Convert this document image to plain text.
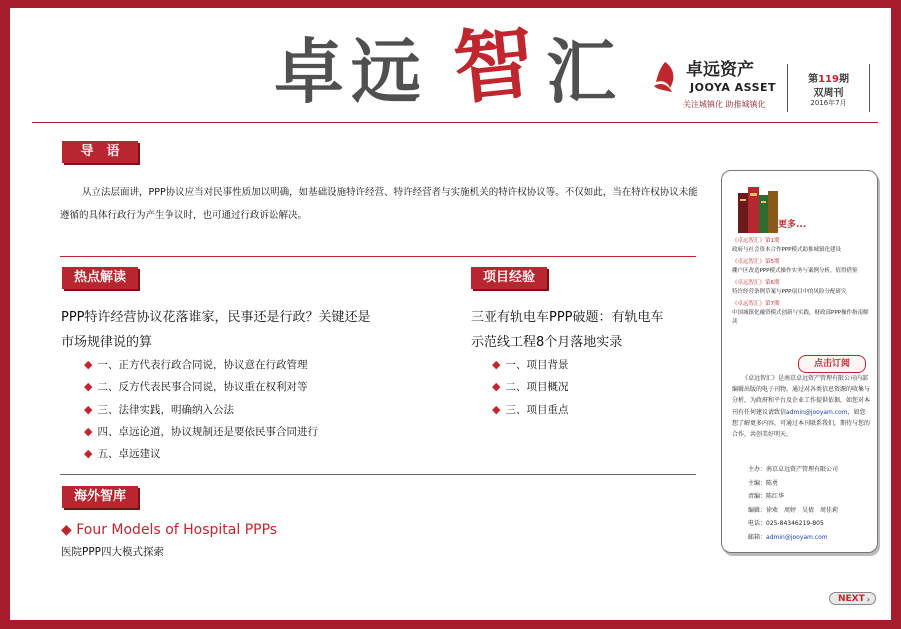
卓 远 智 汇	卓远资产
JOOYA ASSET
关注城镇化 助推城镇化
第119期
双周刊
2016年7月
导　语
从立法层面讲，PPP协议应当对民事性质加以明确，如基础设施特许经营、特许经营者与实施机关的特许权协议等。不仅如此，当在特许权协议未能遵循的具体行政行为产生争议时，也可通过行政诉讼解决。
热点解读
PPP特许经营协议花落谁家，民事还是行政？关键还是
市场规律说的算
◆ 一、正方代表行政合同说，协议意在行政管理
◆ 二、反方代表民事合同说，协议重在权利对等
◆ 三、法律实践，明确纳入公法
◆ 四、卓远论道，协议规制还是要依民事合同进行
◆ 五、卓远建议
项目经验
三亚有轨电车PPP破题：有轨电车
示范线工程8个月落地实录
◆ 一、项目背景
◆ 二、项目概况
◆ 三、项目重点
海外智库
◆ Four Models of Hospital PPPs
医院PPP四大模式探索
更多...
《卓远智汇》第1期
政府与社会资本合作PPP模式助推城镇化建设
《卓远智汇》第5期
棚户区改造PPP模式操作实务与案例分析，值得借鉴
《卓远智汇》第6期
特许经营条例草案与PPP项目中的风险分配研究
《卓远智汇》第7期
中国城镇化融资模式创新与实践，财政部PPP操作指南解读
点击订阅
《卓远智汇》是南京卓远资产管理有限公司内部编辑出版的电子刊物，通过对各类信息资源的收集与分析，为政府和平台及企业工作提供依据，如您对本刊有任何建议请致信admin@jooyam.com，如您想了解更多内容，可通过本刊联系我们，期待与您的合作，共创美好明天。
主办：南京卓远资产管理有限公司
主编：陈勇
责编：陈红华
编辑：徐欢　周婷　吴倩　周佳莉
电话：025-84346219-805
邮箱：admin@jooyam.com
NEXT ›
